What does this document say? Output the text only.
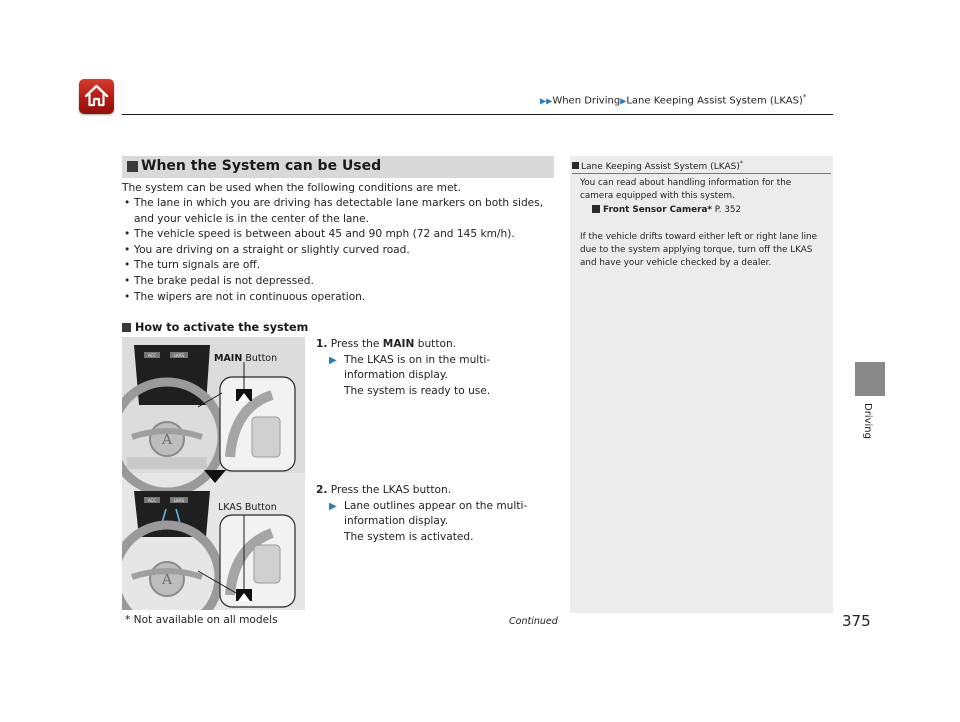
▶▶When Driving▶Lane Keeping Assist System (LKAS)*
Driving
When the System can be Used
The system can be used when the following conditions are met.
• The lane in which you are driving has detectable lane markers on both sides, and your vehicle is in the center of the lane.
• The vehicle speed is between about 45 and 90 mph (72 and 145 km/h).
• You are driving on a straight or slightly curved road.
• The turn signals are off.
• The brake pedal is not depressed.
• The wipers are not in continuous operation.
How to activate the system
ACC	LKAS
A
ACC	LKAS
A
MAIN Button
LKAS Button
1. Press the MAIN button.
▶ The LKAS is on in the multi-information display.
The system is ready to use.
2. Press the LKAS button.
▶ Lane outlines appear on the multi-information display.
The system is activated.
Lane Keeping Assist System (LKAS)*
You can read about handling information for the camera equipped with this system.
Front Sensor Camera* P. 352
If the vehicle drifts toward either left or right lane line due to the system applying torque, turn off the LKAS and have your vehicle checked by a dealer.
* Not available on all models	Continued	375
